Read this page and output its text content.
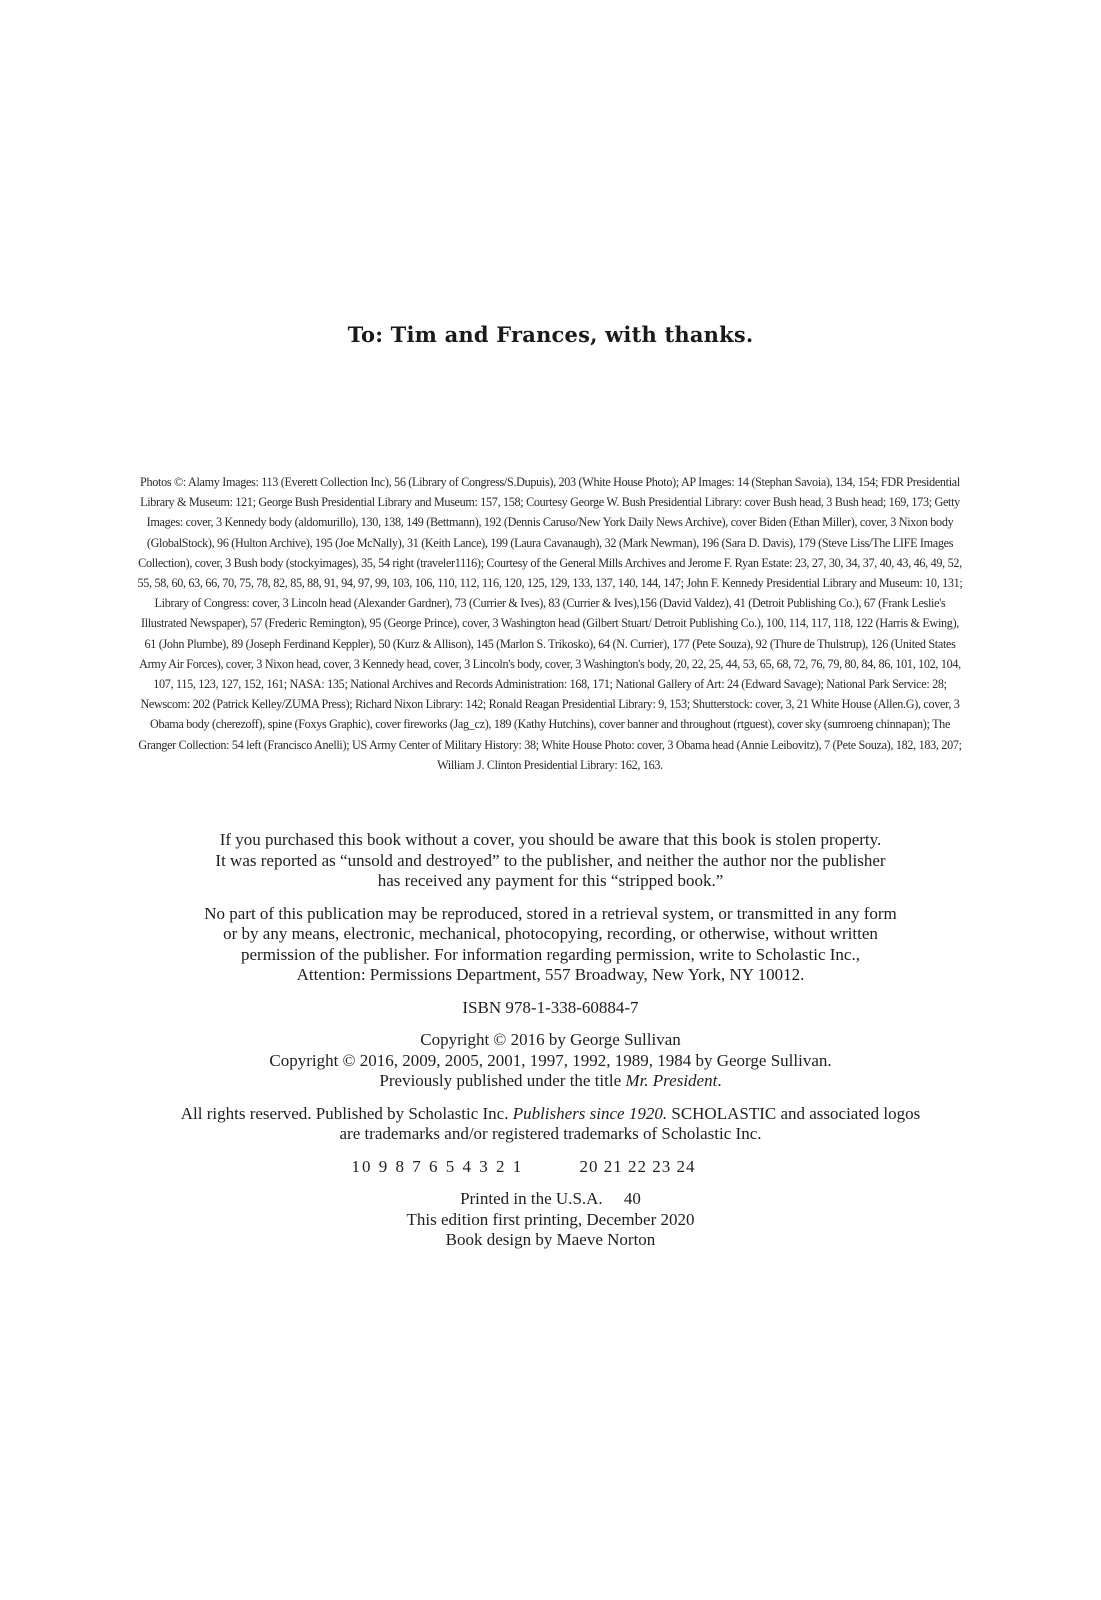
To: Tim and Frances, with thanks.
Photos ©: Alamy Images: 113 (Everett Collection Inc), 56 (Library of Congress/S.Dupuis), 203 (White House Photo); AP Images: 14 (Stephan Savoia), 134, 154; FDR Presidential Library & Museum: 121; George Bush Presidential Library and Museum: 157, 158; Courtesy George W. Bush Presidential Library: cover Bush head, 3 Bush head; 169, 173; Getty Images: cover, 3 Kennedy body (aldomurillo), 130, 138, 149 (Bettmann), 192 (Dennis Caruso/New York Daily News Archive), cover Biden (Ethan Miller), cover, 3 Nixon body (GlobalStock), 96 (Hulton Archive), 195 (Joe McNally), 31 (Keith Lance), 199 (Laura Cavanaugh), 32 (Mark Newman), 196 (Sara D. Davis), 179 (Steve Liss/The LIFE Images Collection), cover, 3 Bush body (stockyimages), 35, 54 right (traveler1116); Courtesy of the General Mills Archives and Jerome F. Ryan Estate: 23, 27, 30, 34, 37, 40, 43, 46, 49, 52, 55, 58, 60, 63, 66, 70, 75, 78, 82, 85, 88, 91, 94, 97, 99, 103, 106, 110, 112, 116, 120, 125, 129, 133, 137, 140, 144, 147; John F. Kennedy Presidential Library and Museum: 10, 131; Library of Congress: cover, 3 Lincoln head (Alexander Gardner), 73 (Currier & Ives), 83 (Currier & Ives),156 (David Valdez), 41 (Detroit Publishing Co.), 67 (Frank Leslie's Illustrated Newspaper), 57 (Frederic Remington), 95 (George Prince), cover, 3 Washington head (Gilbert Stuart/ Detroit Publishing Co.), 100, 114, 117, 118, 122 (Harris & Ewing), 61 (John Plumbe), 89 (Joseph Ferdinand Keppler), 50 (Kurz & Allison), 145 (Marlon S. Trikosko), 64 (N. Currier), 177 (Pete Souza), 92 (Thure de Thulstrup), 126 (United States Army Air Forces), cover, 3 Nixon head, cover, 3 Kennedy head, cover, 3 Lincoln's body, cover, 3 Washington's body, 20, 22, 25, 44, 53, 65, 68, 72, 76, 79, 80, 84, 86, 101, 102, 104, 107, 115, 123, 127, 152, 161; NASA: 135; National Archives and Records Administration: 168, 171; National Gallery of Art: 24 (Edward Savage); National Park Service: 28; Newscom: 202 (Patrick Kelley/ZUMA Press); Richard Nixon Library: 142; Ronald Reagan Presidential Library: 9, 153; Shutterstock: cover, 3, 21 White House (Allen.G), cover, 3 Obama body (cherezoff), spine (Foxys Graphic), cover fireworks (Jag_cz), 189 (Kathy Hutchins), cover banner and throughout (rtguest), cover sky (sumroeng chinnapan); The Granger Collection: 54 left (Francisco Anelli); US Army Center of Military History: 38; White House Photo: cover, 3 Obama head (Annie Leibovitz), 7 (Pete Souza), 182, 183, 207; William J. Clinton Presidential Library: 162, 163.

If you purchased this book without a cover, you should be aware that this book is stolen property.
It was reported as “unsold and destroyed” to the publisher, and neither the author nor the publisher
has received any payment for this “stripped book.”

No part of this publication may be reproduced, stored in a retrieval system, or transmitted in any form
or by any means, electronic, mechanical, photocopying, recording, or otherwise, without written
permission of the publisher. For information regarding permission, write to Scholastic Inc.,
Attention: Permissions Department, 557 Broadway, New York, NY 10012.

ISBN 978-1-338-60884-7

Copyright © 2016 by George Sullivan
Copyright © 2016, 2009, 2005, 2001, 1997, 1992, 1989, 1984 by George Sullivan.
Previously published under the title Mr. President.

All rights reserved. Published by Scholastic Inc. Publishers since 1920. SCHOLASTIC and associated logos
are trademarks and/or registered trademarks of Scholastic Inc.

10 9 8 7 6 5 4 3 2 1	20 21 22 23 24
Printed in the U.S.A. 40
This edition first printing, December 2020
Book design by Maeve Norton
